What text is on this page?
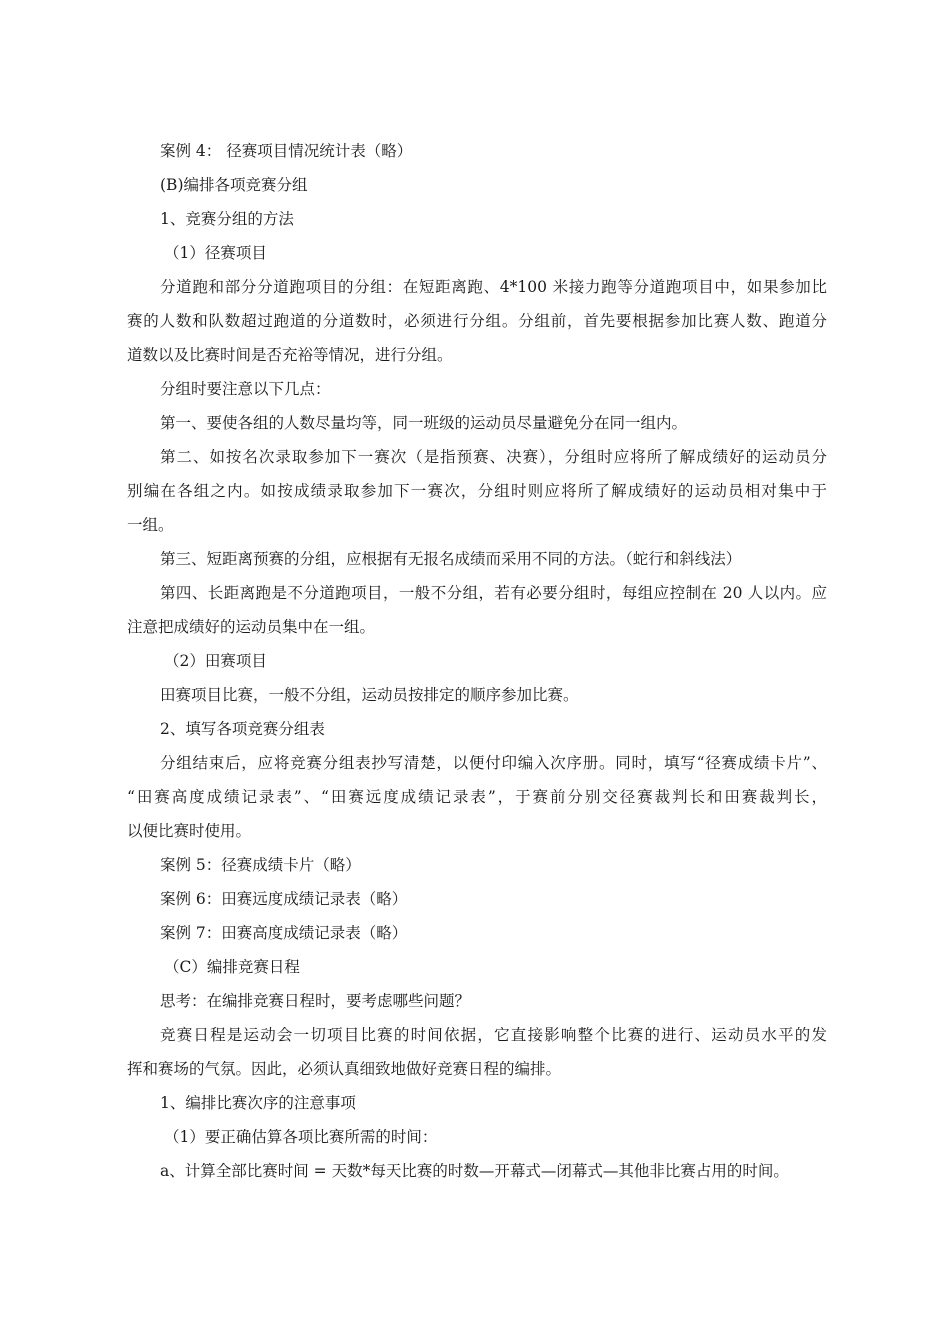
案例 4： 径赛项目情况统计表（略）
(B)编排各项竞赛分组
1、竞赛分组的方法
（1）径赛项目
分道跑和部分分道跑项目的分组：在短距离跑、4*100 米接力跑等分道跑项目中，如果参加比
赛的人数和队数超过跑道的分道数时，必须进行分组。分组前，首先要根据参加比赛人数、跑道分
道数以及比赛时间是否充裕等情况，进行分组。
分组时要注意以下几点：
第一、要使各组的人数尽量均等，同一班级的运动员尽量避免分在同一组内。
第二、如按名次录取参加下一赛次（是指预赛、决赛），分组时应将所了解成绩好的运动员分
别编在各组之内。如按成绩录取参加下一赛次，分组时则应将所了解成绩好的运动员相对集中于
一组。
第三、短距离预赛的分组，应根据有无报名成绩而采用不同的方法。（蛇行和斜线法）
第四、长距离跑是不分道跑项目，一般不分组，若有必要分组时，每组应控制在 20 人以内。应
注意把成绩好的运动员集中在一组。
（2）田赛项目
田赛项目比赛，一般不分组，运动员按排定的顺序参加比赛。
2、填写各项竞赛分组表
分组结束后，应将竞赛分组表抄写清楚，以便付印编入次序册。同时，填写“径赛成绩卡片”、
“田赛高度成绩记录表”、“田赛远度成绩记录表”，于赛前分别交径赛裁判长和田赛裁判长，
以便比赛时使用。
案例 5：径赛成绩卡片（略）
案例 6：田赛远度成绩记录表（略）
案例 7：田赛高度成绩记录表（略）
（C）编排竞赛日程
思考：在编排竞赛日程时，要考虑哪些问题？
竞赛日程是运动会一切项目比赛的时间依据，它直接影响整个比赛的进行、运动员水平的发
挥和赛场的气氛。因此，必须认真细致地做好竞赛日程的编排。
1、编排比赛次序的注意事项
（1）要正确估算各项比赛所需的时间：
a、计算全部比赛时间 = 天数*每天比赛的时数—开幕式—闭幕式—其他非比赛占用的时间。
